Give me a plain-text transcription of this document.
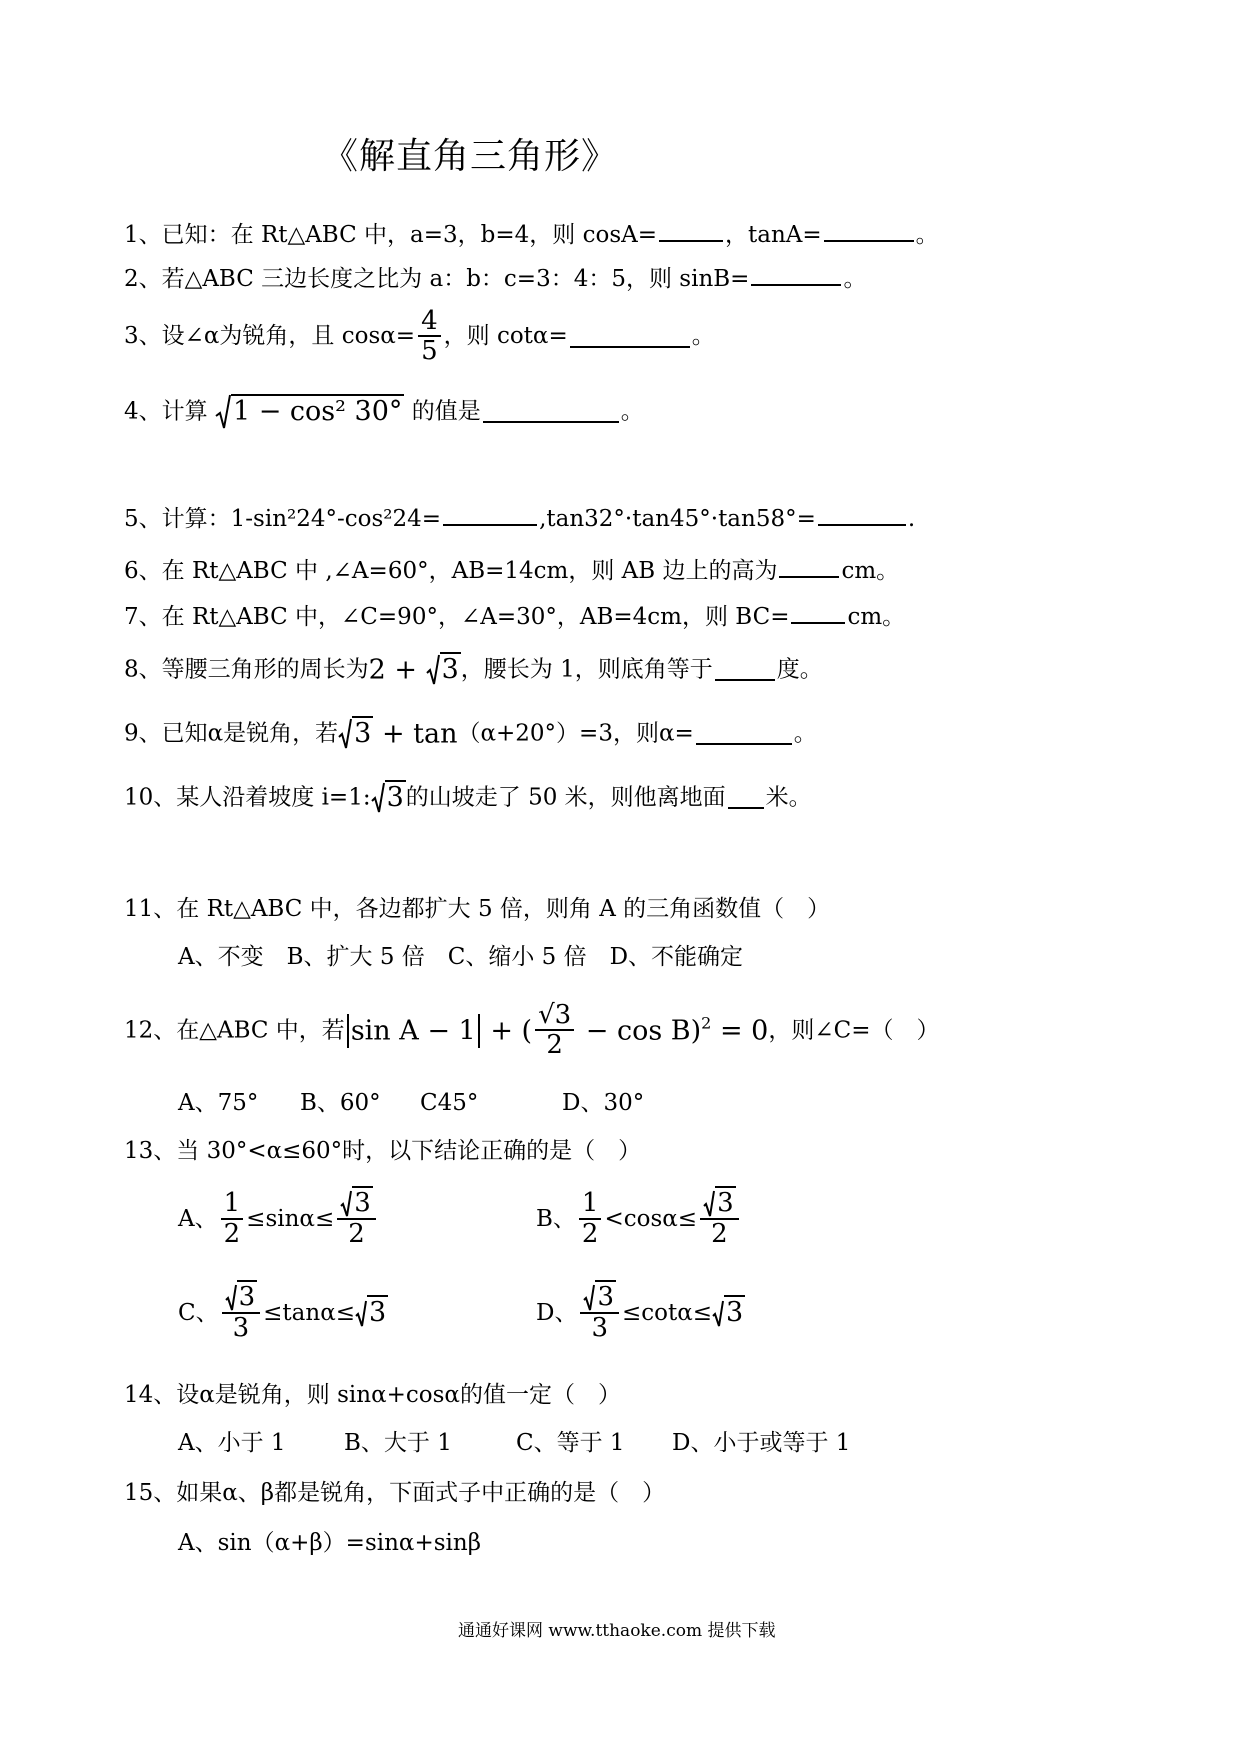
《解直角三角形》
1、已知：在 Rt△ABC 中，a=3，b=4，则 cosA=	，tanA=	。
2、若△ABC 三边长度之比为 a：b：c=3：4：5，则 sinB=	。
3、设∠α为锐角，且 $\cos\alpha= \frac{4}{5}$ ，则 cotα=	。
4、计算 1 − cos² 30° 的值是	。
5、计算：1-sin²24°-cos²24=	,tan32°·tan45°·tan58°=	.
6、在 Rt△ABC 中 ,∠A=60°，AB=14cm，则 AB 边上的高为	cm。
7、在 Rt△ABC 中，∠C=90°，∠A=30°，AB=4cm，则 BC=	cm。
8、等腰三角形的周长为2 + 3，腰长为 1，则底角等于	度。
9、已知α是锐角，若 3 + tan（α+20°）=3，则α=	。
10、某人沿着坡度 i=1: 3的山坡走了 50 米，则他离地面 米。
11、在 Rt△ABC 中，各边都扩大 5 倍，则角 A 的三角函数值（　）
A、不变　B、扩大 5 倍　C、缩小 5 倍　D、不能确定
12、在△ABC 中，若 sin A − 1 + ( $\frac{√3}{2} - \cos B)^2 = 0$，则∠C=（　）
A、75° B、60° C45°	D、30°
13、当 30°<α≤60°时，以下结论正确的是（　）
A、 $\frac{1}{2} \le\sin\alpha\le \frac{3}{2}$	B、 $\frac{1}{2} <\cos\alpha\le \frac{3}{2}$
C、 $\frac{3}{3} \le\tan\alpha\le 3$	D、 $\frac{3}{3} \le\cot\alpha\le 3$
14、设α是锐角，则 sinα+cosα的值一定（　）
A、小于 1	B、大于 1	C、等于 1 D、小于或等于 1
15、如果α、β都是锐角，下面式子中正确的是（　）
A、sin（α+β）=sinα+sinβ
通通好课网 www.tthaoke.com 提供下载
